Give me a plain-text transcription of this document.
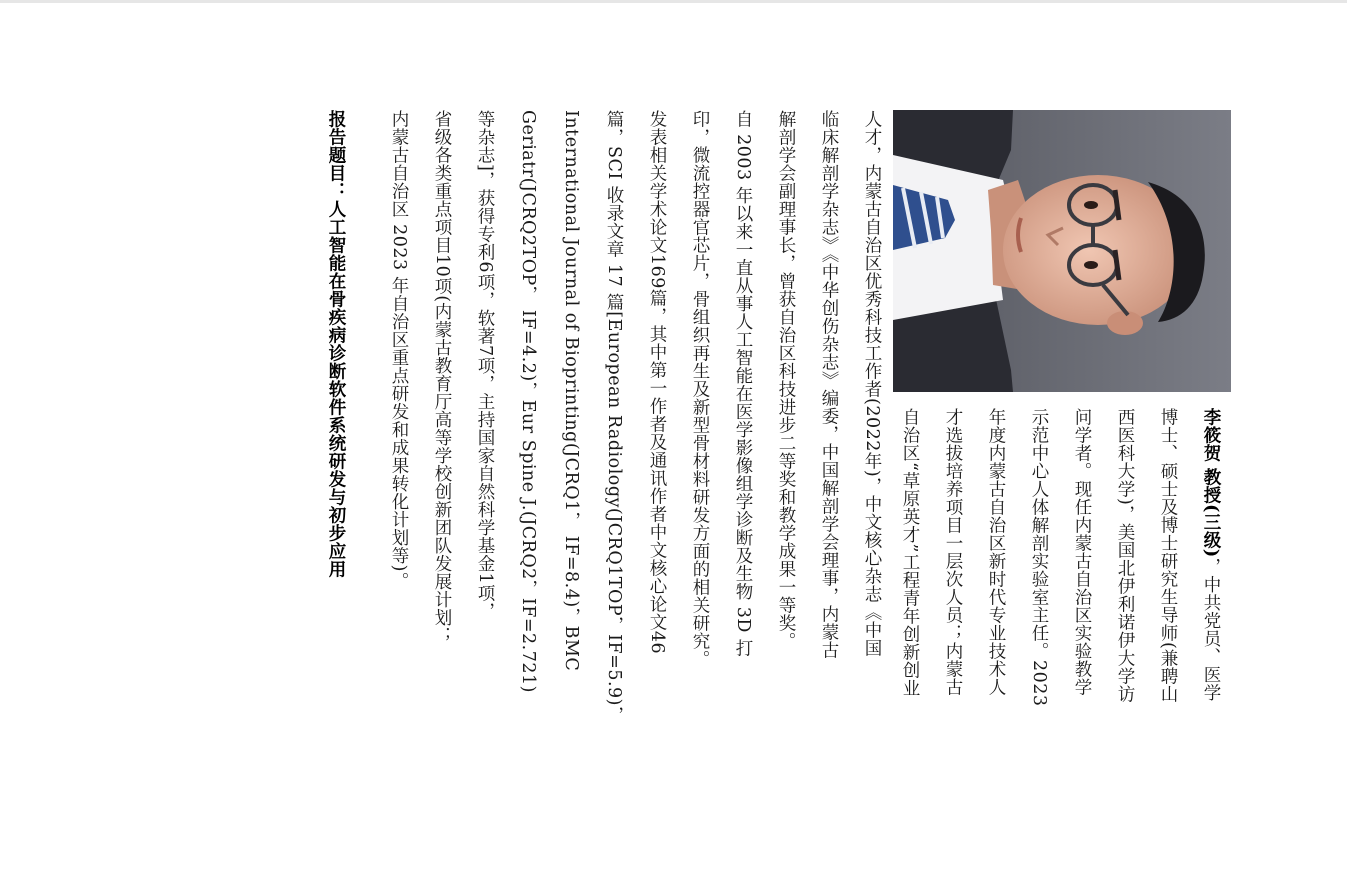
李筱贺 教授(三级)，中共党员、医学
博士、硕士及博士研究生导师(兼聘山
西医科大学)，美国北伊利诺伊大学访
问学者。现任内蒙古自治区实验教学
示范中心人体解剖实验室主任。2023
年度内蒙古自治区新时代专业技术人
才选拔培养项目一层次人员；内蒙古
自治区“草原英才”工程青年创新创业
人才，内蒙古自治区优秀科技工作者(2022年)，中文核心杂志《中国
临床解剖学杂志》《中华创伤杂志》编委，中国解剖学会理事，内蒙古
解剖学会副理事长，曾获自治区科技进步二等奖和教学成果一等奖。
自 2003 年以来一直从事人工智能在医学影像组学诊断及生物 3D 打
印，微流控器官芯片，骨组织再生及新型骨材料研发方面的相关研究。
发表相关学术论文169篇，其中第一作者及通讯作者中文核心论文46
篇，SCI 收录文章 17 篇[European Radiology(JCRQ1TOP，IF=5.9)，
International Journal of Bioprinting(JCRQ1， IF=8.4)，BMC
Geriatr(JCRQ2TOP， IF=4.2)，Eur Spine J.(JCRQ2，IF=2.721)
等杂志]，获得专利6项，软著7项，主持国家自然科学基金1项，
省级各类重点项目10项(内蒙古教育厅高等学校创新团队发展计划；
内蒙古自治区 2023 年自治区重点研发和成果转化计划等)。
报告题目：人工智能在骨疾病诊断软件系统研发与初步应用
